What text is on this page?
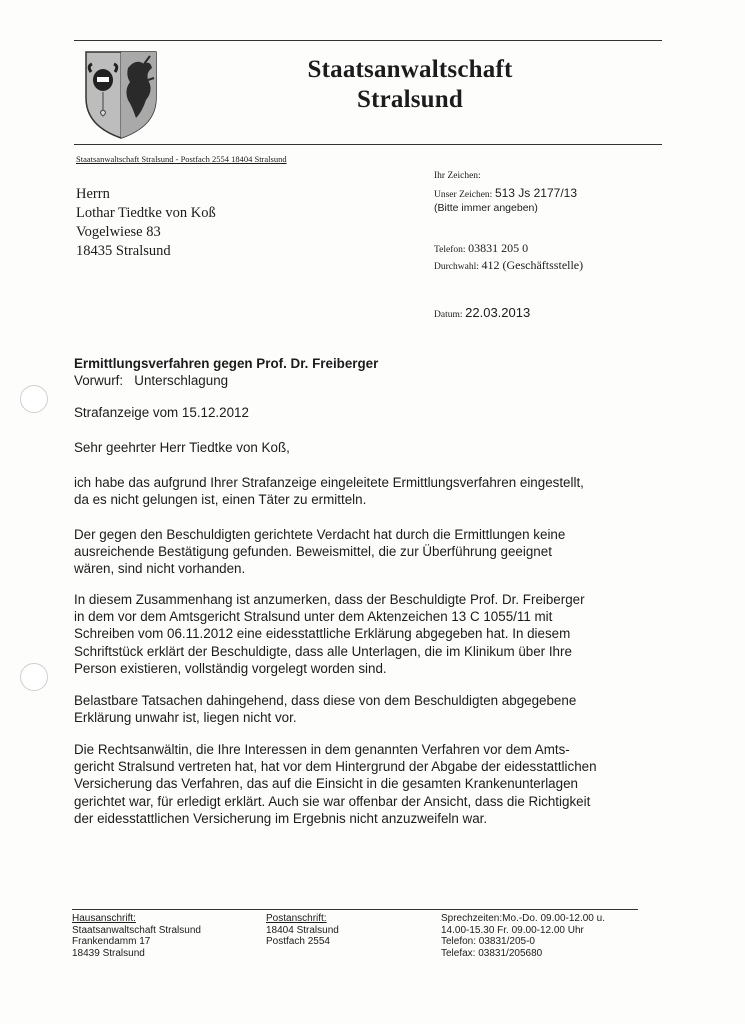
Staatsanwaltschaft
Stralsund
Staatsanwaltschaft Stralsund - Postfach 2554 18404 Stralsund
Herrn
Lothar Tiedtke von Koß
Vogelwiese 83
18435 Stralsund
Ihr Zeichen:
Unser Zeichen: 513 Js 2177/13
(Bitte immer angeben)
Telefon: 03831 205 0
Durchwahl: 412 (Geschäftsstelle)
Datum: 22.03.2013
Ermittlungsverfahren gegen Prof. Dr. Freiberger
Vorwurf: Unterschlagung
Strafanzeige vom 15.12.2012
Sehr geehrter Herr Tiedtke von Koß,

ich habe das aufgrund Ihrer Strafanzeige eingeleitete Ermittlungsverfahren eingestellt,

da es nicht gelungen ist, einen Täter zu ermitteln.

Der gegen den Beschuldigten gerichtete Verdacht hat durch die Ermittlungen keine

ausreichende Bestätigung gefunden. Beweismittel, die zur Überführung geeignet

wären, sind nicht vorhanden.

In diesem Zusammenhang ist anzumerken, dass der Beschuldigte Prof. Dr. Freiberger

in dem vor dem Amtsgericht Stralsund unter dem Aktenzeichen 13 C 1055/11 mit

Schreiben vom 06.11.2012 eine eidesstattliche Erklärung abgegeben hat. In diesem

Schriftstück erklärt der Beschuldigte, dass alle Unterlagen, die im Klinikum über Ihre

Person existieren, vollständig vorgelegt worden sind.

Belastbare Tatsachen dahingehend, dass diese von dem Beschuldigten abgegebene

Erklärung unwahr ist, liegen nicht vor.

Die Rechtsanwältin, die Ihre Interessen in dem genannten Verfahren vor dem Amts-

gericht Stralsund vertreten hat, hat vor dem Hintergrund der Abgabe der eidesstattlichen

Versicherung das Verfahren, das auf die Einsicht in die gesamten Krankenunterlagen

gerichtet war, für erledigt erklärt. Auch sie war offenbar der Ansicht, dass die Richtigkeit

der eidesstattlichen Versicherung im Ergebnis nicht anzuzweifeln war.

Hausanschrift:
Staatsanwaltschaft Stralsund
Frankendamm 17
18439 Stralsund
Postanschrift:
18404 Stralsund
Postfach 2554
Sprechzeiten:Mo.-Do. 09.00-12.00 u.
14.00-15.30 Fr. 09.00-12.00 Uhr
Telefon: 03831/205-0
Telefax: 03831/205680
